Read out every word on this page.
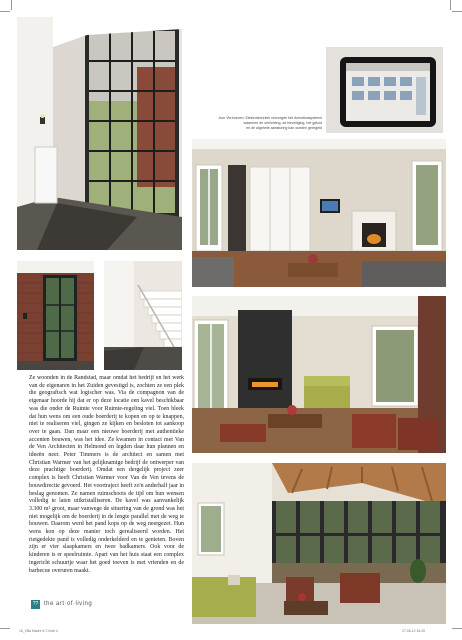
Jurn Verhoeven: Elektrotechniek verzorgde het domoticasysteem
waarmee de verlichting, de beveiliging, het geluid
en de algehele aansturing kan worden geregeld
Ze woonden in de Randstad, maar omdat het bedrijf en het werk van de eigenaren in het Zuiden gevestigd is, zochten ze een plek die geografisch wat logischer was. Via de compagnon van de eigenaar hoorde hij dat er op deze locatie een kavel beschikbaar was die onder de Ruimte voor Ruimte-regeling viel. Toen bleek dat hun wens om een oude boerderij te kopen en op te knappen, niet te realiseren viel, gingen ze kijken en besloten tot aankoop over te gaan. Dan maar een nieuwe boerderij met authentieke accenten bouwen, was het idee. Ze kwamen in contact met Van de Ven Architecten in Helmond en legden daar hun plannen en ideeën neer. Peter Timmers is de architect en samen met Christian Warmer van het gelijknamige bedrijf de ontwerper van deze prachtige boerderij. Omdat een dergelijk project zeer complex is heeft Christian Warmer voor Van de Ven tevens de bouwdirectie gevoerd. Het voortraject heeft zo'n anderhalf jaar in beslag genomen. Ze namen ruimschoots de tijd om hun wensen volledig te laten uitkristalliseren. De kavel was aanvankelijk 3.300 m² groot, maar vanwege de situering van de grond was het niet mogelijk om de boerderij in de lengte parallel met de weg te bouwen. Daarom werd het pand kops op de weg neergezet. Hun wens kon op deze manier toch gerealiseerd worden. Het rietgedekte pand is volledig onderkelderd en te genieten. Boven zijn er vier slaapkamers en twee badkamers. Ook voor de kinderen is er speelruimte. Apart van het huis staat een complex ingericht schuurtje waar het goed toeven is met vrienden en de barbecue overuren maakt.
?? the art·of·living
16_Villa Madre 6-7.indd 4	27-06-12 16:26
